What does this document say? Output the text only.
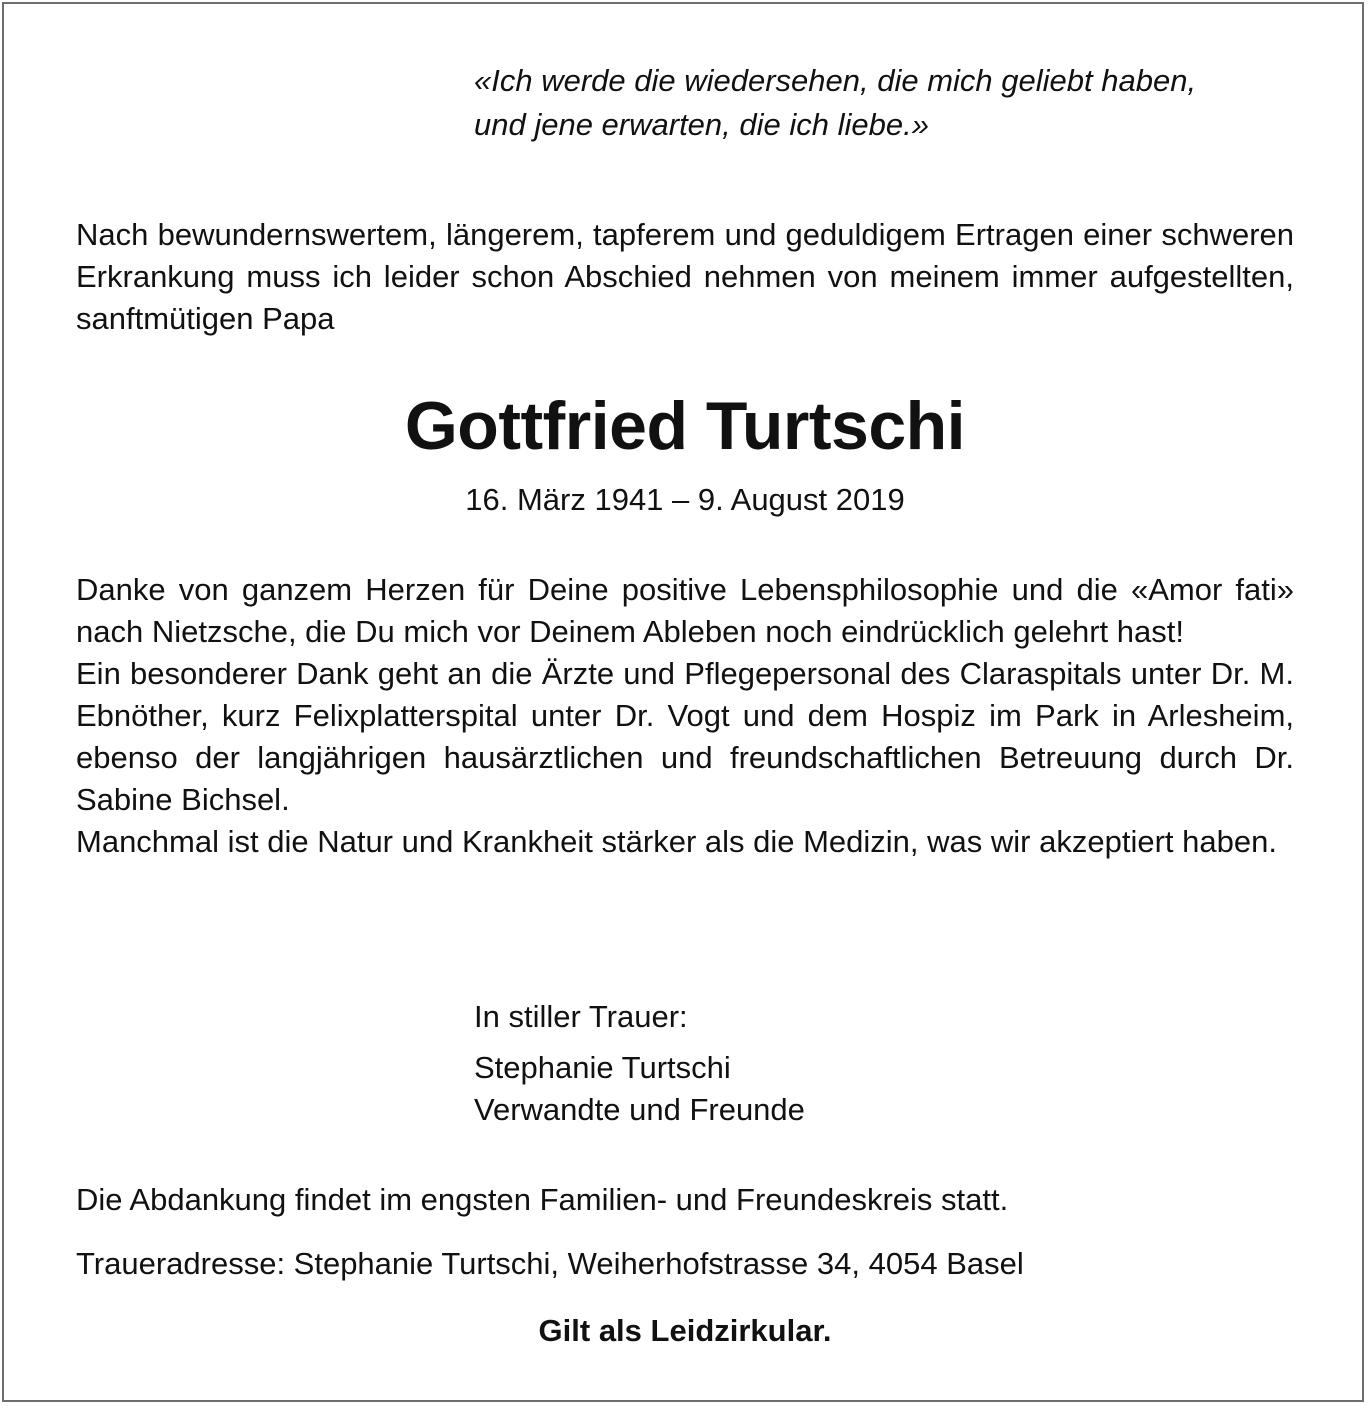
«Ich werde die wiedersehen, die mich geliebt haben,
und jene erwarten, die ich liebe.»

Nach bewundernswertem, längerem, tapferem und geduldigem Ertragen einer schweren Erkrankung muss ich leider schon Abschied nehmen von meinem immer aufgestellten, sanftmütigen Papa

Gottfried Turtschi
16. März 1941 – 9. August 2019

Danke von ganzem Herzen für Deine positive Lebensphilosophie und die «Amor fati» nach Nietzsche, die Du mich vor Deinem Ableben noch eindrücklich gelehrt hast!

Ein besonderer Dank geht an die Ärzte und Pflegepersonal des Claraspitals unter Dr. M. Ebnöther, kurz Felixplatterspital unter Dr. Vogt und dem Hospiz im Park in Arlesheim, ebenso der langjährigen hausärztlichen und freundschaftlichen Betreuung durch Dr. Sabine Bichsel.

Manchmal ist die Natur und Krankheit stärker als die Medizin, was wir akzeptiert haben.

In stiller Trauer:
Stephanie Turtschi
Verwandte und Freunde
Die Abdankung findet im engsten Familien- und Freundeskreis statt.
Traueradresse: Stephanie Turtschi, Weiherhofstrasse 34, 4054 Basel
Gilt als Leidzirkular.
